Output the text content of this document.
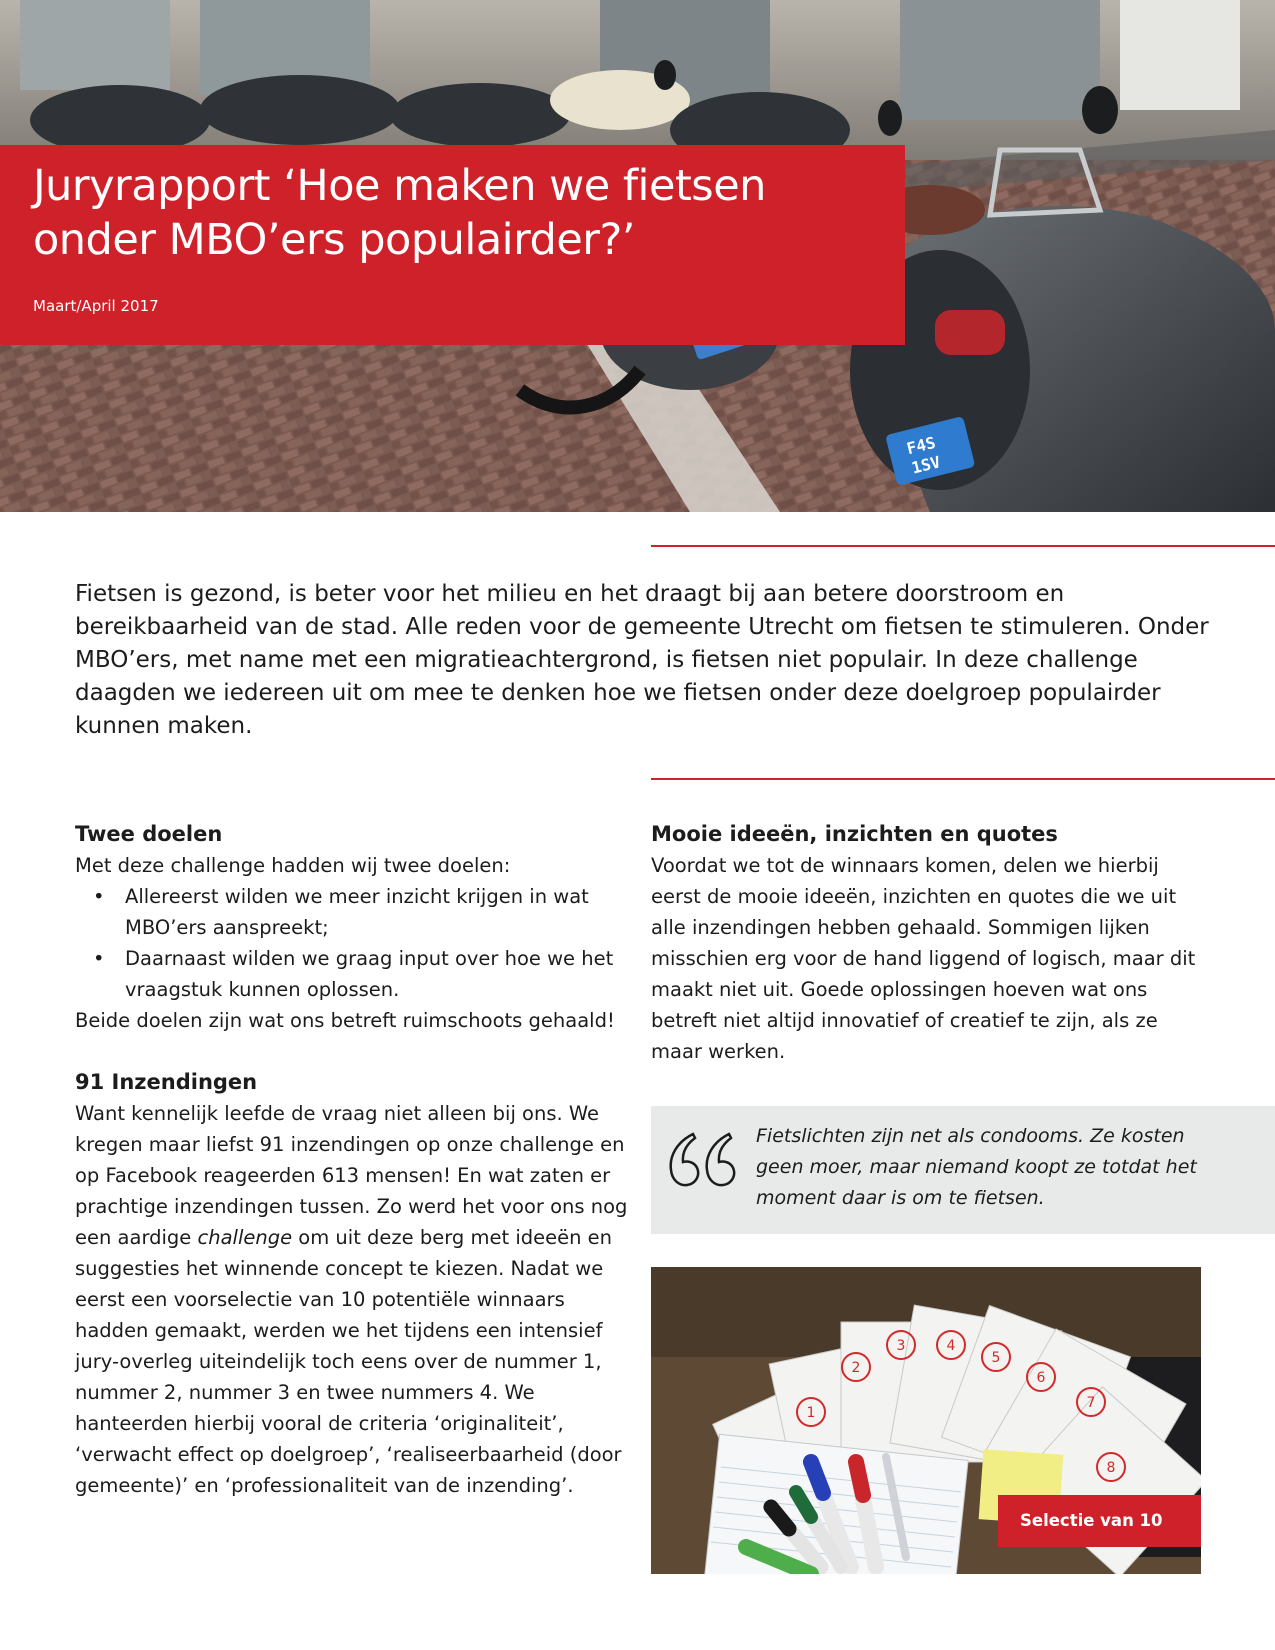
F4S
1SV
Juryrapport ‘Hoe maken we fietsen
onder MBO’ers populairder?’
Maart/April 2017

Fietsen is gezond, is beter voor het milieu en het draagt bij aan betere doorstroom en bereikbaarheid van de stad. Alle reden voor de gemeente Utrecht om fietsen te stimuleren. Onder MBO’ers, met name met een migratieachtergrond, is fietsen niet populair. In deze challenge daagden we iedereen uit om mee te denken hoe we fietsen onder deze doelgroep populairder kunnen maken.

Twee doelen

Met deze challenge hadden wij twee doelen:

• Allereerst wilden we meer inzicht krijgen in wat MBO’ers aanspreekt;
• Daarnaast wilden we graag input over hoe we het vraagstuk kunnen oplossen.

Beide doelen zijn wat ons betreft ruimschoots gehaald!

91 Inzendingen

Want kennelijk leefde de vraag niet alleen bij ons. We kregen maar liefst 91 inzendingen op onze challenge en op Facebook reageerden 613 mensen! En wat zaten er prachtige inzendingen tussen. Zo werd het voor ons nog een aardige challenge om uit deze berg met ideeën en suggesties het winnende concept te kiezen. Nadat we eerst een voorselectie van 10 potentiële winnaars hadden gemaakt, werden we het tijdens een intensief jury-overleg uiteindelijk toch eens over de nummer 1, nummer 2, nummer 3 en twee nummers 4. We hanteerden hierbij vooral de criteria ‘originaliteit’, ‘verwacht effect op doelgroep’, ‘realiseerbaarheid (door gemeente)’ en ‘professionaliteit van de inzending’.

Mooie ideeën, inzichten en quotes

Voordat we tot de winnaars komen, delen we hierbij eerst de mooie ideeën, inzichten en quotes die we uit alle inzendingen hebben gehaald. Sommigen lijken misschien erg voor de hand liggend of logisch, maar dit maakt niet uit. Goede oplossingen hoeven wat ons betreft niet altijd innovatief of creatief te zijn, als ze maar werken.

Fietslichten zijn net als condooms. Ze kosten geen moer, maar niemand koopt ze totdat het moment daar is om te fietsen.

1
2
3	4
5
6
7
8
Selectie van 10
